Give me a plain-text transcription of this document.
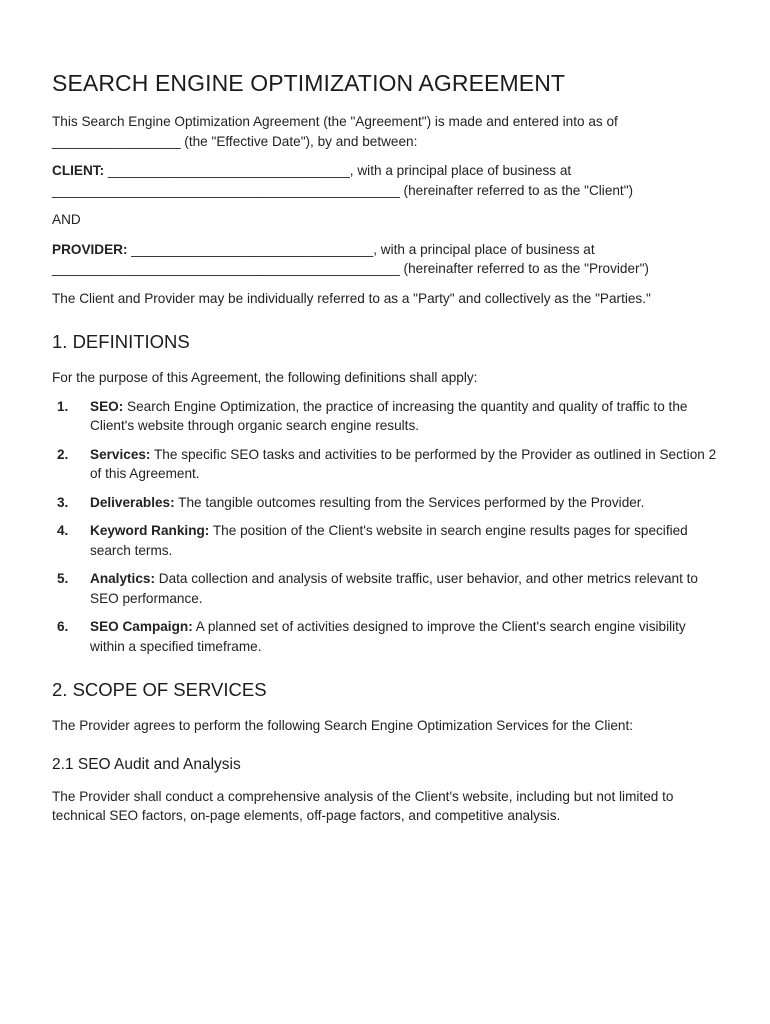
SEARCH ENGINE OPTIMIZATION AGREEMENT

This Search Engine Optimization Agreement (the "Agreement") is made and entered into as of _________________ (the "Effective Date"), by and between:

CLIENT: ________________________________, with a principal place of business at ______________________________________________ (hereinafter referred to as the "Client")

AND

PROVIDER: ________________________________, with a principal place of business at ______________________________________________ (hereinafter referred to as the "Provider")

The Client and Provider may be individually referred to as a "Party" and collectively as the "Parties."

1. DEFINITIONS

For the purpose of this Agreement, the following definitions shall apply:

1. SEO: Search Engine Optimization, the practice of increasing the quantity and quality of traffic to the Client's website through organic search engine results.
2. Services: The specific SEO tasks and activities to be performed by the Provider as outlined in Section 2 of this Agreement.
3. Deliverables: The tangible outcomes resulting from the Services performed by the Provider.
4. Keyword Ranking: The position of the Client's website in search engine results pages for specified search terms.
5. Analytics: Data collection and analysis of website traffic, user behavior, and other metrics relevant to SEO performance.
6. SEO Campaign: A planned set of activities designed to improve the Client's search engine visibility within a specified timeframe.
2. SCOPE OF SERVICES

The Provider agrees to perform the following Search Engine Optimization Services for the Client:

2.1 SEO Audit and Analysis

The Provider shall conduct a comprehensive analysis of the Client's website, including but not limited to technical SEO factors, on-page elements, off-page factors, and competitive analysis.
